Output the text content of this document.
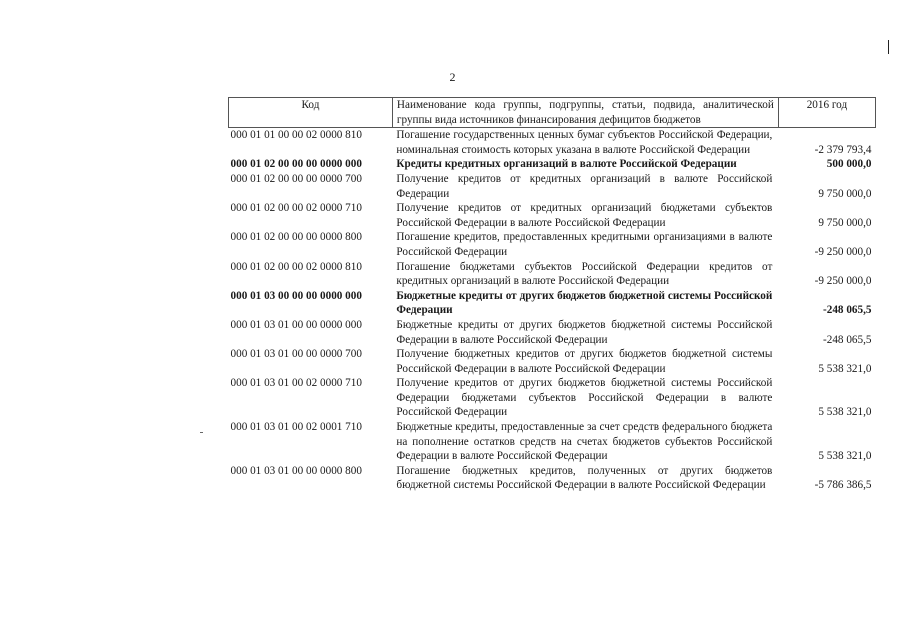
2
Код	Наименование кода группы, подгруппы, статьи, подвида, аналитической группы вида источников финансирования дефицитов бюджетов	2016 год
000 01 01 00 00 02 0000 810	Погашение государственных ценных бумаг субъектов Российской Федерации, номинальная стоимость которых указана в валюте Российской Федерации	-2 379 793,4
000 01 02 00 00 00 0000 000	Кредиты кредитных организаций в валюте Российской Федерации	500 000,0
000 01 02 00 00 00 0000 700	Получение кредитов от кредитных организаций в валюте Российской Федерации	9 750 000,0
000 01 02 00 00 02 0000 710	Получение кредитов от кредитных организаций бюджетами субъектов Российской Федерации в валюте Российской Федерации	9 750 000,0
000 01 02 00 00 00 0000 800	Погашение кредитов, предоставленных кредитными организациями в валюте Российской Федерации	-9 250 000,0
000 01 02 00 00 02 0000 810	Погашение бюджетами субъектов Российской Федерации кредитов от кредитных организаций в валюте Российской Федерации	-9 250 000,0
000 01 03 00 00 00 0000 000	Бюджетные кредиты от других бюджетов бюджетной системы Российской Федерации	-248 065,5
000 01 03 01 00 00 0000 000	Бюджетные кредиты от других бюджетов бюджетной системы Российской Федерации в валюте Российской Федерации	-248 065,5
000 01 03 01 00 00 0000 700	Получение бюджетных кредитов от других бюджетов бюджетной системы Российской Федерации в валюте Российской Федерации	5 538 321,0
000 01 03 01 00 02 0000 710	Получение кредитов от других бюджетов бюджетной системы Российской Федерации бюджетами субъектов Российской Федерации в валюте Российской Федерации	5 538 321,0
000 01 03 01 00 02 0001 710	Бюджетные кредиты, предоставленные за счет средств федерального бюджета на пополнение остатков средств на счетах бюджетов субъектов Российской Федерации в валюте Российской Федерации	5 538 321,0
000 01 03 01 00 00 0000 800	Погашение бюджетных кредитов, полученных от других бюджетов бюджетной системы Российской Федерации в валюте Российской Федерации	-5 786 386,5
